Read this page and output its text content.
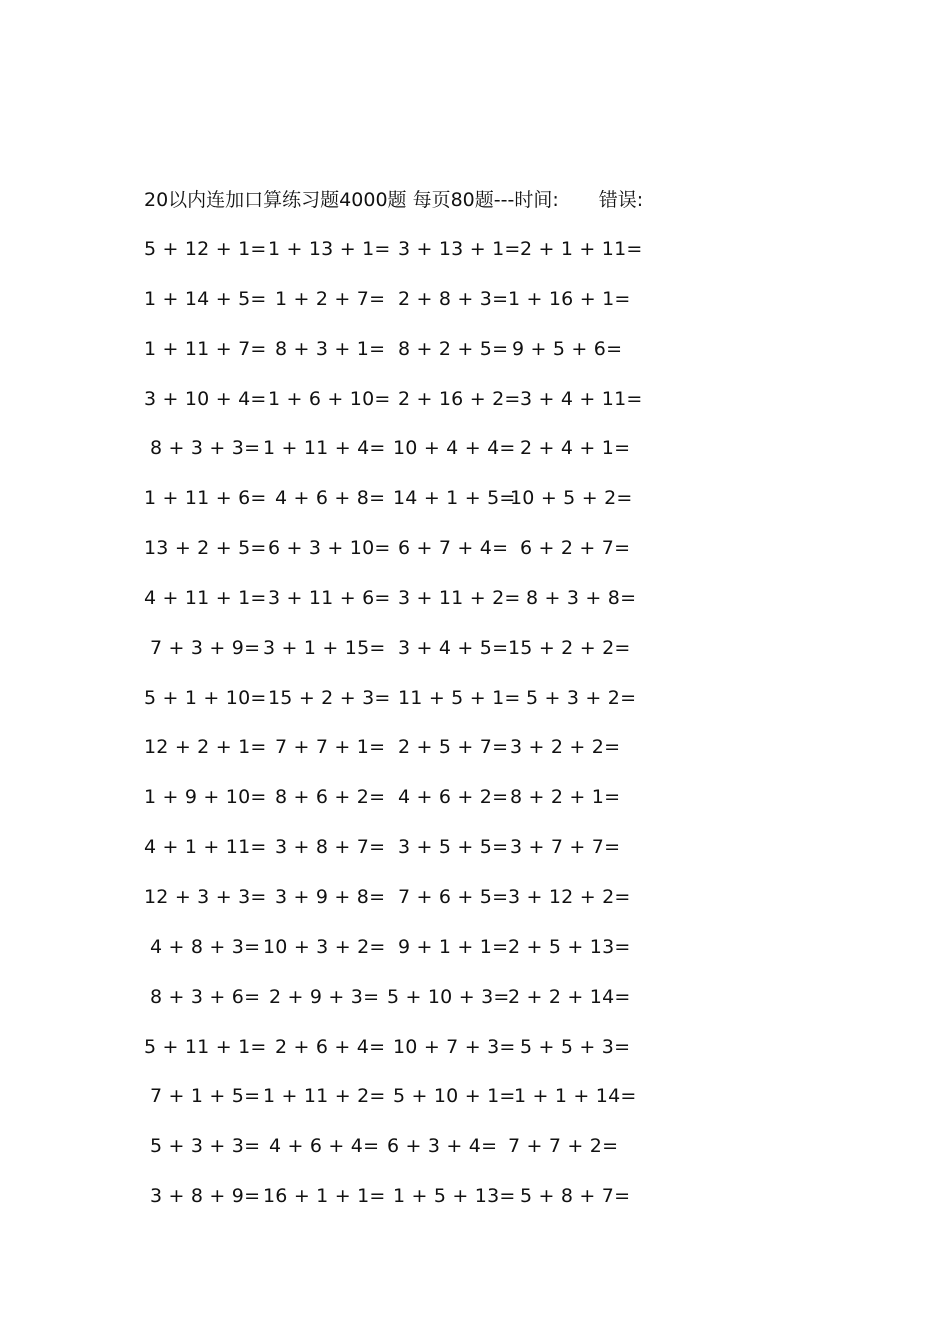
20以内连加口算练习题4000题 每页80题---时间: 错误:
5 + 12 + 1= 1 + 13 + 1= 3 + 13 + 1= 2 + 1 + 11=
1 + 14 + 5= 1 + 2 + 7= 2 + 8 + 3= 1 + 16 + 1=
1 + 11 + 7= 8 + 3 + 1= 8 + 2 + 5= 9 + 5 + 6=
3 + 10 + 4= 1 + 6 + 10= 2 + 16 + 2= 3 + 4 + 11=
8 + 3 + 3= 1 + 11 + 4= 10 + 4 + 4= 2 + 4 + 1=
1 + 11 + 6= 4 + 6 + 8= 14 + 1 + 5=
10 + 5 + 2=
13 + 2 + 5= 6 + 3 + 10= 6 + 7 + 4= 6 + 2 + 7=
4 + 11 + 1= 3 + 11 + 6= 3 + 11 + 2= 8 + 3 + 8=
7 + 3 + 9= 3 + 1 + 15= 3 + 4 + 5= 15 + 2 + 2=
5 + 1 + 10= 15 + 2 + 3= 11 + 5 + 1= 5 + 3 + 2=
12 + 2 + 1= 7 + 7 + 1= 2 + 5 + 7= 3 + 2 + 2=
1 + 9 + 10= 8 + 6 + 2= 4 + 6 + 2= 8 + 2 + 1=
4 + 1 + 11= 3 + 8 + 7= 3 + 5 + 5= 3 + 7 + 7=
12 + 3 + 3= 3 + 9 + 8= 7 + 6 + 5= 3 + 12 + 2=
4 + 8 + 3= 10 + 3 + 2= 9 + 1 + 1= 2 + 5 + 13=
8 + 3 + 6= 2 + 9 + 3= 5 + 10 + 3=
2 + 2 + 14=
5 + 11 + 1= 2 + 6 + 4= 10 + 7 + 3= 5 + 5 + 3=
7 + 1 + 5= 1 + 11 + 2= 5 + 10 + 1=
1 + 1 + 14=
5 + 3 + 3= 4 + 6 + 4= 6 + 3 + 4= 7 + 7 + 2=
3 + 8 + 9= 16 + 1 + 1= 1 + 5 + 13= 5 + 8 + 7=
